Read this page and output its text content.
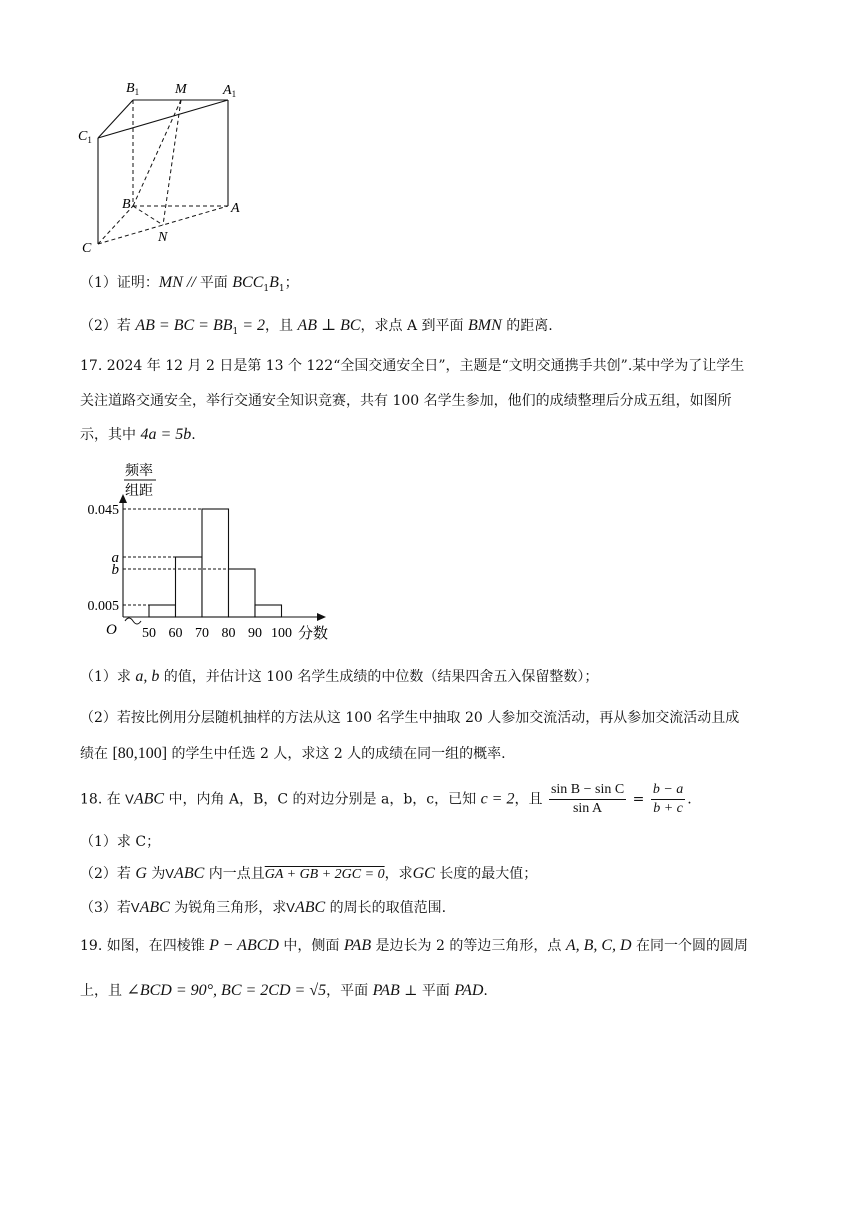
$B_1$	M	$A_1$
$C_1$
B	A
N
C
（1）证明：MN // 平面 $BCC_1B_1$；
（2）若 AB = BC = $BB_1 = 2$，且 AB ⊥ BC，求点 A 到平面 BMN 的距离.
17. 2024 年 12 月 2 日是第 13 个 122“全国交通安全日”，主题是“文明交通携手共创”.某中学为了让学生
关注道路交通安全，举行交通安全知识竞赛，共有 100 名学生参加，他们的成绩整理后分成五组，如图所
示，其中 4a = 5b.
频率
组距
0.045
a
b
0.005
50 60 70 80 90 100 分数
O
（1）求 a, b 的值，并估计这 100 名学生成绩的中位数（结果四舍五入保留整数）；
（2）若按比例用分层随机抽样的方法从这 100 名学生中抽取 20 人参加交流活动，再从参加交流活动且成
绩在 [80,100] 的学生中任选 2 人，求这 2 人的成绩在同一组的概率.
18. 在 VABC 中，内角 A，B，C 的对边分别是 a，b，c，已知 c = 2，且 $\frac{\text{sin B − sin C}}{\text{sin A}} = \frac{b - a}{b + c}$ .
（1）求 C；
（2）若 G 为VABC 内一点且GA + GB + 2GC = 0，求GC 长度的最大值；
（3）若VABC 为锐角三角形，求VABC 的周长的取值范围.
19. 如图，在四棱锥 P − ABCD 中，侧面 PAB 是边长为 2 的等边三角形，点 A, B, C, D 在同一个圆的圆周
上，且 ∠BCD = 90°, BC = 2CD = √5，平面 PAB ⊥ 平面 PAD.
